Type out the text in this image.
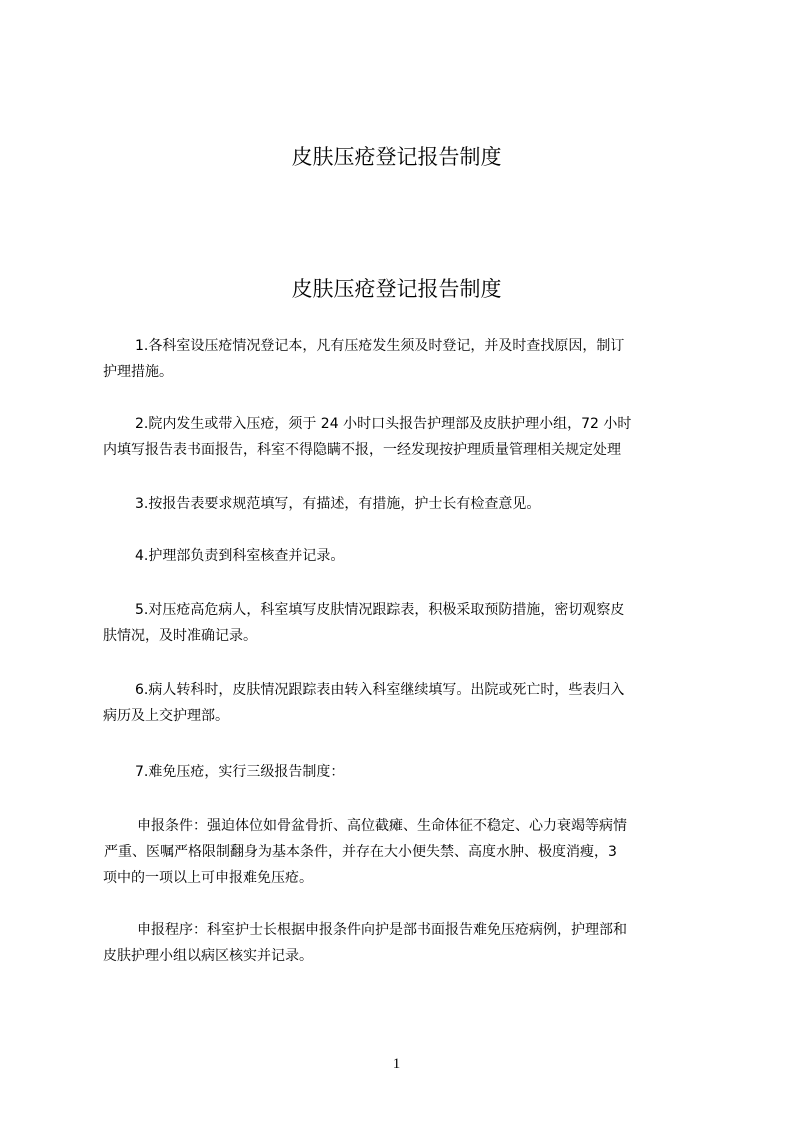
皮肤压疮登记报告制度
皮肤压疮登记报告制度
1.各科室设压疮情况登记本，凡有压疮发生须及时登记，并及时查找原因，制订
护理措施。
2.院内发生或带入压疮，须于 24 小时口头报告护理部及皮肤护理小组，72 小时
内填写报告表书面报告，科室不得隐瞒不报，一经发现按护理质量管理相关规定处理
3.按报告表要求规范填写，有描述，有措施，护士长有检查意见。
4.护理部负责到科室核查并记录。
5.对压疮高危病人，科室填写皮肤情况跟踪表，积极采取预防措施，密切观察皮
肤情况，及时准确记录。
6.病人转科时，皮肤情况跟踪表由转入科室继续填写。出院或死亡时，些表归入
病历及上交护理部。
7.难免压疮，实行三级报告制度：
申报条件：强迫体位如骨盆骨折、高位截瘫、生命体征不稳定、心力衰竭等病情
严重、医嘱严格限制翻身为基本条件，并存在大小便失禁、高度水肿、极度消瘦，3
项中的一项以上可申报难免压疮。
申报程序：科室护士长根据申报条件向护是部书面报告难免压疮病例，护理部和
皮肤护理小组以病区核实并记录。
1
